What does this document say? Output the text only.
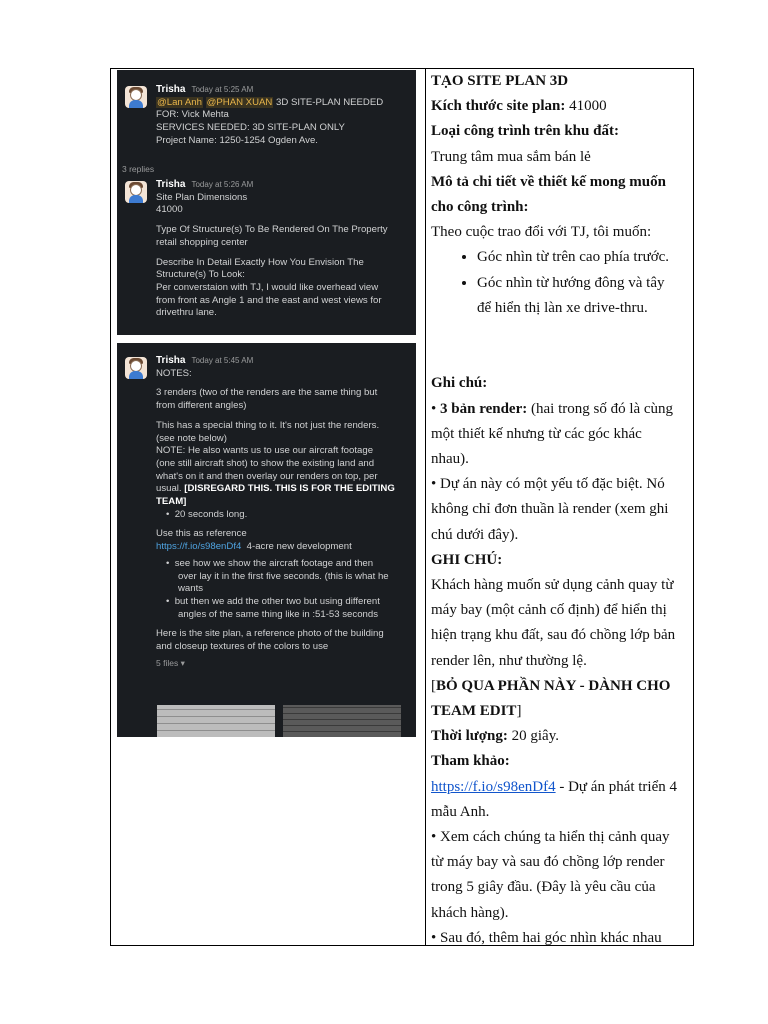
Trisha Today at 5:25 AM
@Lan Anh @PHAN XUAN 3D SITE-PLAN NEEDED
FOR: Vick Mehta
SERVICES NEEDED: 3D SITE-PLAN ONLY
Project Name: 1250-1254 Ogden Ave.
3 replies
Trisha Today at 5:26 AM
Site Plan Dimensions
41000
Type Of Structure(s) To Be Rendered On The Property
retail shopping center
Describe In Detail Exactly How You Envision The
Structure(s) To Look:
Per converstaion with TJ, I would like overhead view
from front as Angle 1 and the east and west views for
drivethru lane.
Trisha Today at 5:45 AM
NOTES:
3 renders (two of the renders are the same thing but
from different angles)
This has a special thing to it. It's not just the renders.
(see note below)
NOTE: He also wants us to use our aircraft footage
(one still aircraft shot) to show the existing land and
what's on it and then overlay our renders on top, per
usual. [DISREGARD THIS. THIS IS FOR THE EDITING
TEAM]
•  20 seconds long.
Use this as reference
https://f.io/s98enDf4 4-acre new development
•  see how we show the aircraft footage and then
over lay it in the first five seconds. (this is what he
wants
•  but then we add the other two but using different
angles of the same thing like in :51-53 seconds
Here is the site plan, a reference photo of the building
and closeup textures of the colors to use
5 files ▾

TẠO SITE PLAN 3D

Kích thước site plan: 41000

Loại công trình trên khu đất:

Trung tâm mua sắm bán lẻ

Mô tả chi tiết về thiết kế mong muốn

cho công trình:

Theo cuộc trao đổi với TJ, tôi muốn:

• Góc nhìn từ trên cao phía trước.
• Góc nhìn từ hướng đông và tây
để hiển thị làn xe drive-thru.

Ghi chú:

• 3 bản render: (hai trong số đó là cùng

một thiết kế nhưng từ các góc khác

nhau).

• Dự án này có một yếu tố đặc biệt. Nó

không chỉ đơn thuần là render (xem ghi

chú dưới đây).

GHI CHÚ:

Khách hàng muốn sử dụng cảnh quay từ

máy bay (một cảnh cố định) để hiển thị

hiện trạng khu đất, sau đó chồng lớp bản

render lên, như thường lệ.

[BỎ QUA PHẦN NÀY - DÀNH CHO

TEAM EDIT]

Thời lượng: 20 giây.

Tham khảo:

https://f.io/s98enDf4 - Dự án phát triển 4

mẫu Anh.

• Xem cách chúng ta hiển thị cảnh quay

từ máy bay và sau đó chồng lớp render

trong 5 giây đầu. (Đây là yêu cầu của

khách hàng).

• Sau đó, thêm hai góc nhìn khác nhau
